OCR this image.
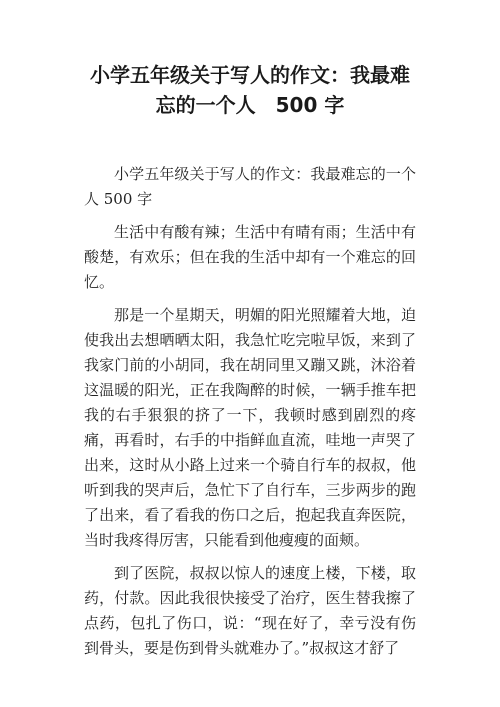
小学五年级关于写人的作文：我最难
忘的一个人　500 字

小学五年级关于写人的作文：我最难忘的一个人 500 字

生活中有酸有辣；生活中有晴有雨；生活中有酸楚，有欢乐；但在我的生活中却有一个难忘的回忆。

那是一个星期天，明媚的阳光照耀着大地，迫使我出去想晒晒太阳，我急忙吃完啦早饭，来到了我家门前的小胡同，我在胡同里又蹦又跳，沐浴着这温暖的阳光，正在我陶醉的时候，一辆手推车把我的右手狠狠的挤了一下，我顿时感到剧烈的疼痛，再看时，右手的中指鲜血直流，哇地一声哭了出来，这时从小路上过来一个骑自行车的叔叔，他听到我的哭声后，急忙下了自行车，三步两步的跑了出来，看了看我的伤口之后，抱起我直奔医院，当时我疼得厉害，只能看到他瘦瘦的面颊。

到了医院，叔叔以惊人的速度上楼，下楼，取药，付款。因此我很快接受了治疗，医生替我擦了点药，包扎了伤口，说：“现在好了，幸亏没有伤到骨头，要是伤到骨头就难办了。”叔叔这才舒了
